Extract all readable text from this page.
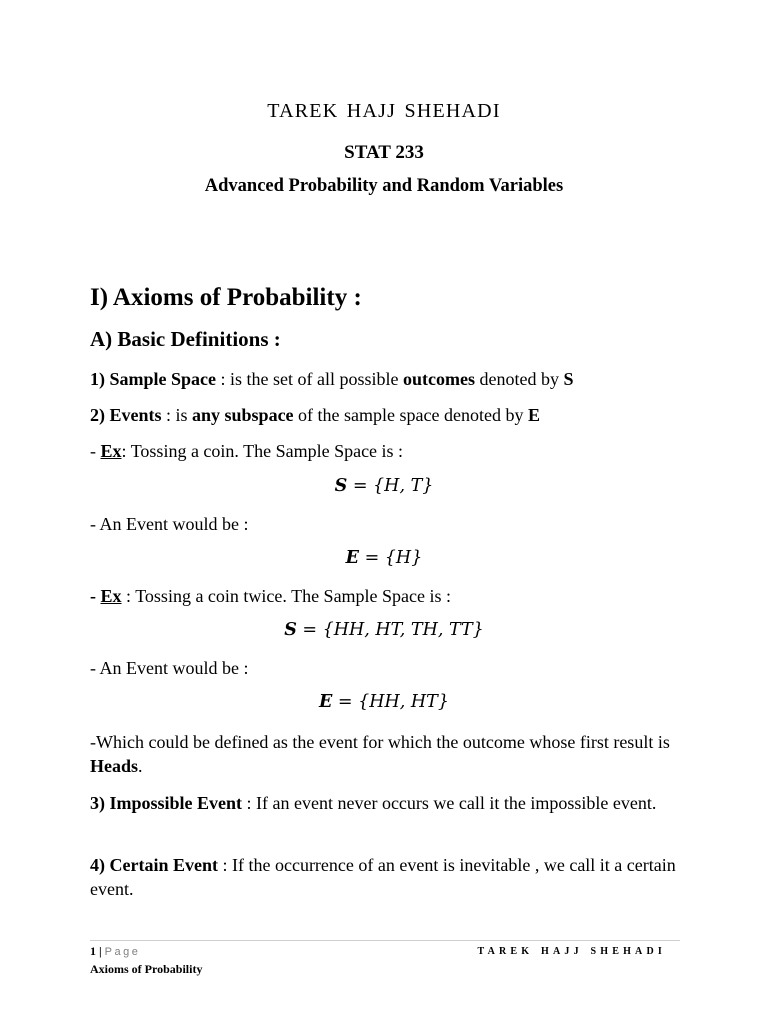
tarek hajj shehadi
STAT 233
Advanced Probability and Random Variables
I) Axioms of Probability :
A) Basic Definitions :
1) Sample Space : is the set of all possible outcomes denoted by S
2) Events : is any subspace of the sample space denoted by E
- Ex: Tossing a coin. The Sample Space is :
S = {H, T}
- An Event would be :
E = {H}
- Ex : Tossing a coin twice. The Sample Space is :
S = {HH, HT, TH, TT}
- An Event would be :
E = {HH, HT}
-Which could be defined as the event for which the outcome whose first result is Heads.
3) Impossible Event : If an event never occurs we call it the impossible event.
4) Certain Event : If the occurrence of an event is inevitable , we call it a certain event.
1 | Page	tarek hajj shehadi
Axioms of Probability
